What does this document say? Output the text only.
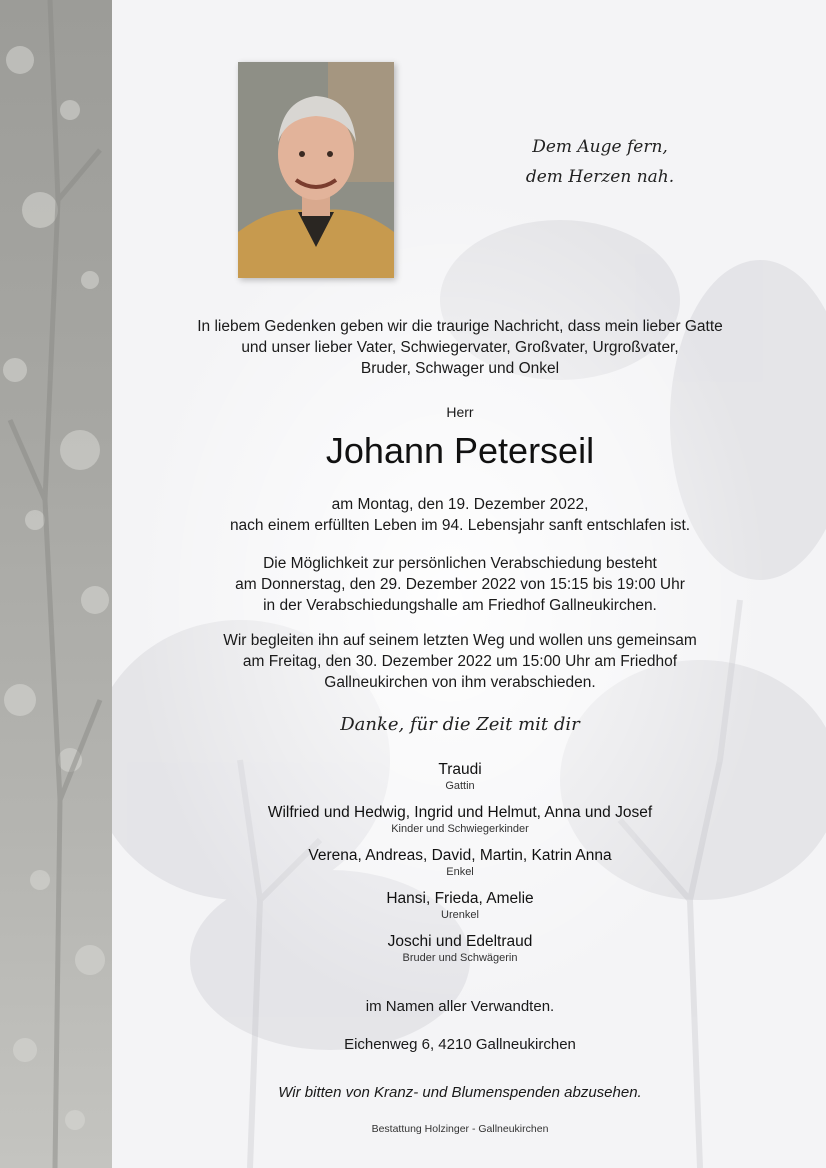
Dem Auge fern,
dem Herzen nah.
In liebem Gedenken geben wir die traurige Nachricht, dass mein lieber Gatte
und unser lieber Vater, Schwiegervater, Großvater, Urgroßvater,
Bruder, Schwager und Onkel
Herr
Johann Peterseil
am Montag, den 19. Dezember 2022,
nach einem erfüllten Leben im 94. Lebensjahr sanft entschlafen ist.
Die Möglichkeit zur persönlichen Verabschiedung besteht
am Donnerstag, den 29. Dezember 2022 von 15:15 bis 19:00 Uhr
in der Verabschiedungshalle am Friedhof Gallneukirchen.
Wir begleiten ihn auf seinem letzten Weg und wollen uns gemeinsam
am Freitag, den 30. Dezember 2022 um 15:00 Uhr am Friedhof
Gallneukirchen von ihm verabschieden.
Danke, für die Zeit mit dir
Traudi
Gattin
Wilfried und Hedwig, Ingrid und Helmut, Anna und Josef
Kinder und Schwiegerkinder
Verena, Andreas, David, Martin, Katrin Anna
Enkel
Hansi, Frieda, Amelie
Urenkel
Joschi und Edeltraud
Bruder und Schwägerin
im Namen aller Verwandten.
Eichenweg 6, 4210 Gallneukirchen
Wir bitten von Kranz- und Blumenspenden abzusehen.
Bestattung Holzinger - Gallneukirchen
